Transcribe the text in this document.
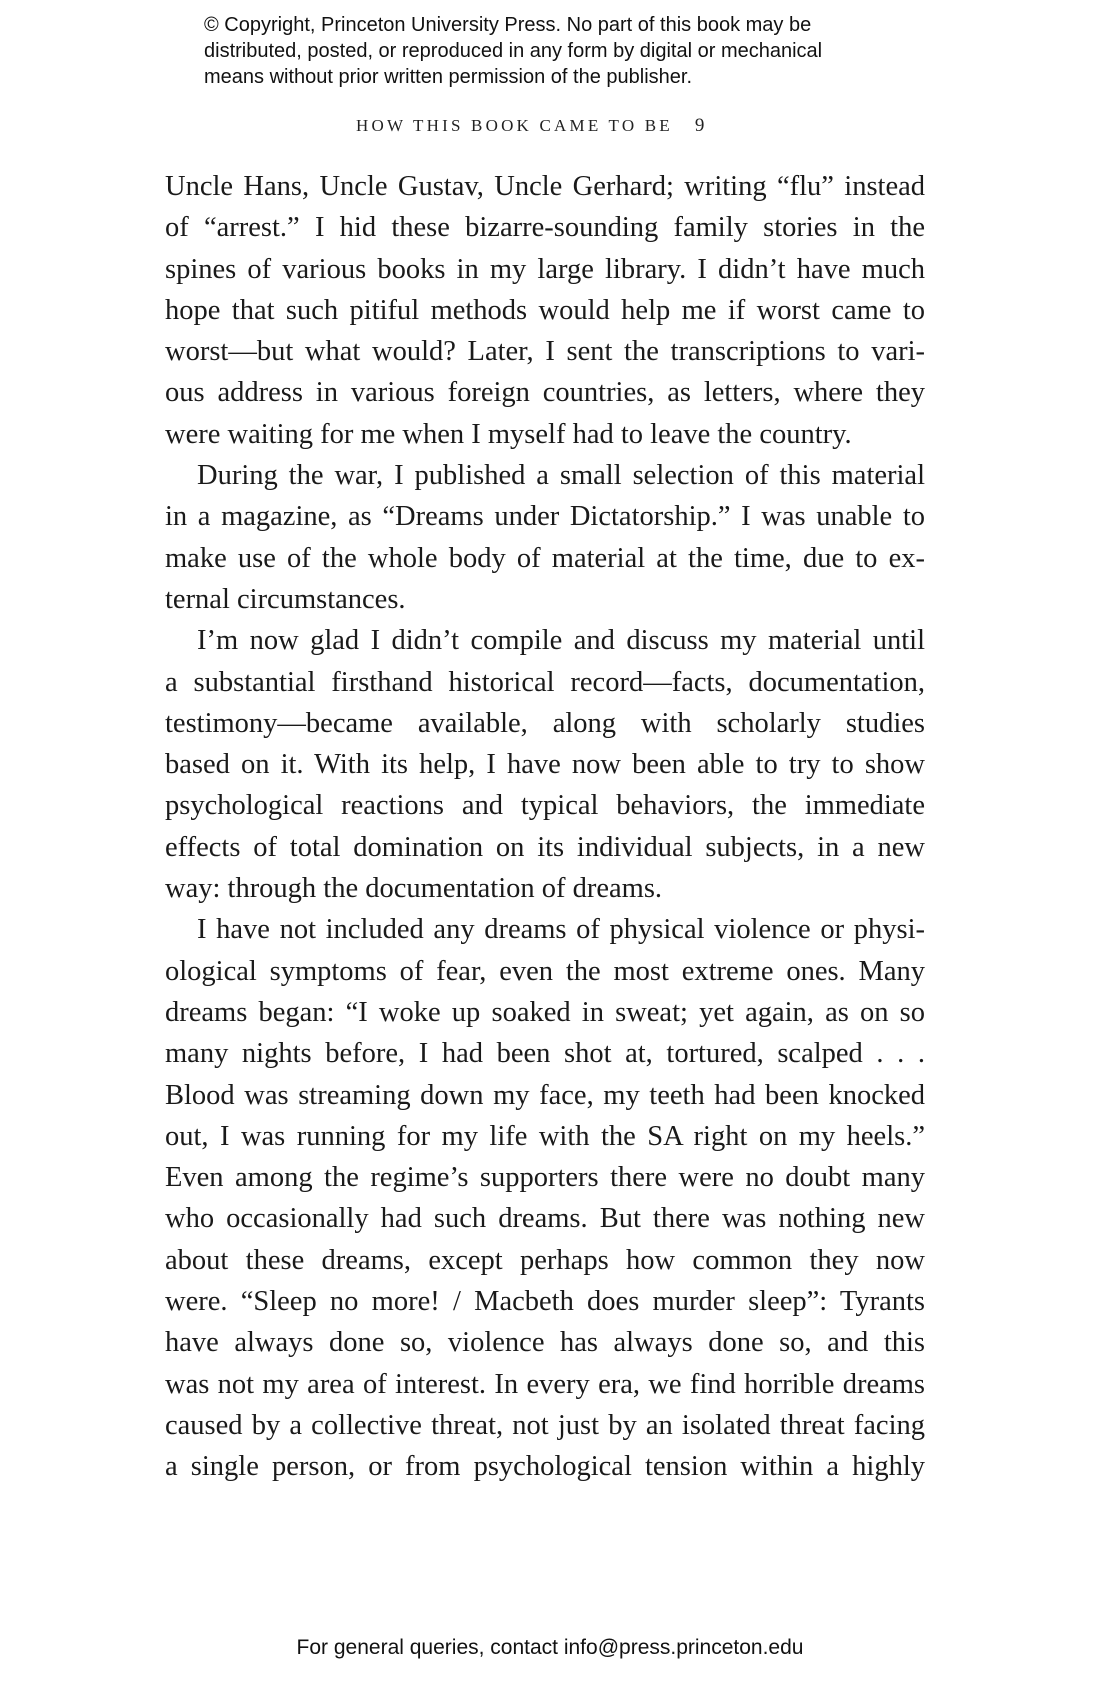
© Copyright, Princeton University Press. No part of this book may be
distributed, posted, or reproduced in any form by digital or mechanical
means without prior written permission of the publisher.
HOW THIS BOOK CAME TO BE 9
Uncle Hans, Uncle Gustav, Uncle Gerhard; writing “flu” instead
of “arrest.” I hid these bizarre-sounding family stories in the
spines of various books in my large library. I didn’t have much
hope that such pitiful methods would help me if worst came to
worst—but what would? Later, I sent the transcriptions to vari-
ous address in various foreign countries, as letters, where they
were waiting for me when I myself had to leave the country.
During the war, I published a small selection of this material
in a magazine, as “Dreams under Dictatorship.” I was unable to
make use of the whole body of material at the time, due to ex-
ternal circumstances.
I’m now glad I didn’t compile and discuss my material until
a substantial firsthand historical record—facts, documentation,
testimony—became available, along with scholarly studies
based on it. With its help, I have now been able to try to show
psychological reactions and typical behaviors, the immediate
effects of total domination on its individual subjects, in a new
way: through the documentation of dreams.
I have not included any dreams of physical violence or physi-
ological symptoms of fear, even the most extreme ones. Many
dreams began: “I woke up soaked in sweat; yet again, as on so
many nights before, I had been shot at, tortured, scalped . . .
Blood was streaming down my face, my teeth had been knocked
out, I was running for my life with the SA right on my heels.”
Even among the regime’s supporters there were no doubt many
who occasionally had such dreams. But there was nothing new
about these dreams, except perhaps how common they now
were. “Sleep no more! / Macbeth does murder sleep”: Tyrants
have always done so, violence has always done so, and this
was not my area of interest. In every era, we find horrible dreams
caused by a collective threat, not just by an isolated threat facing
a single person, or from psychological tension within a highly
For general queries, contact info@press.princeton.edu
